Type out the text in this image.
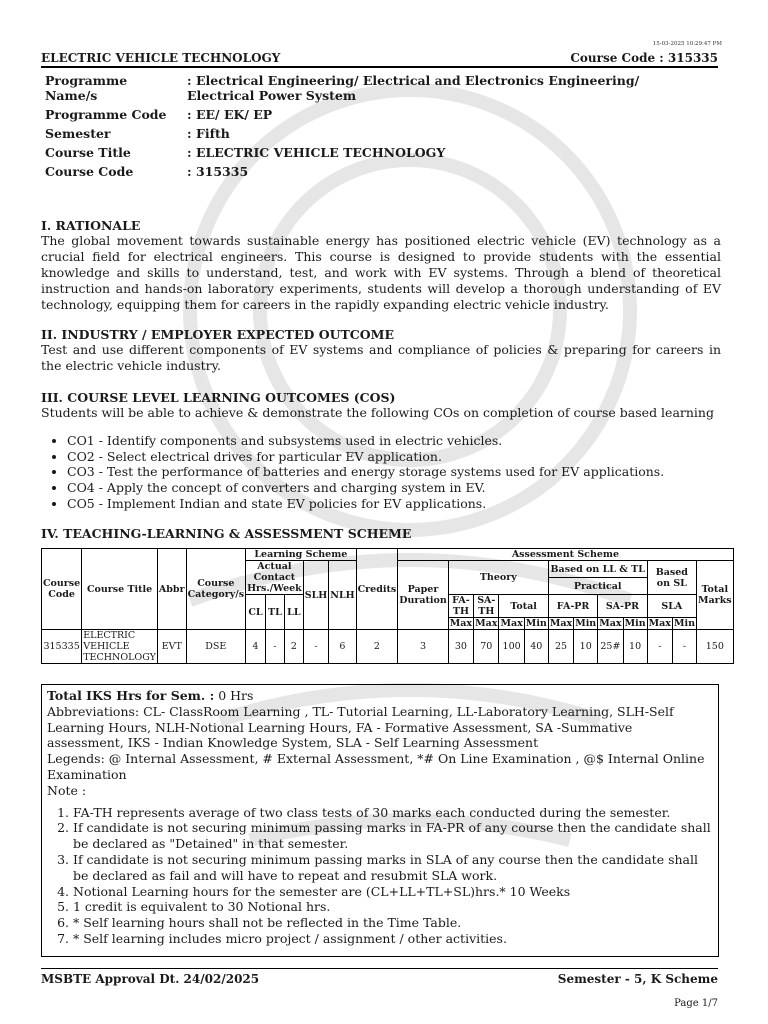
15-03-2025 10:29:47 PM
ELECTRIC VEHICLE TECHNOLOGY	Course Code : 315335
Programme Name/s	: Electrical Engineering/ Electrical and Electronics Engineering/ Electrical Power System
Programme Code	: EE/ EK/ EP
Semester	: Fifth
Course Title	: ELECTRIC VEHICLE TECHNOLOGY
Course Code	: 315335
I. RATIONALE

The global movement towards sustainable energy has positioned electric vehicle (EV) technology as a crucial field for electrical engineers. This course is designed to provide students with the essential knowledge and skills to understand, test, and work with EV systems. Through a blend of theoretical instruction and hands-on laboratory experiments, students will develop a thorough understanding of EV technology, equipping them for careers in the rapidly expanding electric vehicle industry.

II. INDUSTRY / EMPLOYER EXPECTED OUTCOME

Test and use different components of EV systems and compliance of policies & preparing for careers in the electric vehicle industry.

III. COURSE LEVEL LEARNING OUTCOMES (COS)

Students will be able to achieve & demonstrate the following COs on completion of course based learning

• CO1 - Identify components and subsystems used in electric vehicles.
• CO2 - Select electrical drives for particular EV application.
• CO3 - Test the performance of batteries and energy storage systems used for EV applications.
• CO4 - Apply the concept of converters and charging system in EV.
• CO5 - Implement Indian and state EV policies for EV applications.
IV. TEACHING-LEARNING & ASSESSMENT SCHEME
Course Code	Course Title	Abbr	Course Category/s	Learning Scheme					Credits	Assessment Scheme											
				Actual Contact Hrs./Week			SLH	NLH		Paper Duration	Theory				Based on LL & TL				Based on SL		Total Marks
															Practical						
				CL	TL	LL					FA-TH	SA-TH	Total		FA-PR		SA-PR		SLA		
											Max	Max	Max	Min	Max	Min	Max	Min	Max	Min	
315335	ELECTRIC VEHICLE TECHNOLOGY	EVT	DSE	4	-	2	-	6	2	3	30	70	100	40	25	10	25#	10	-	-	150
Total IKS Hrs for Sem. : 0 Hrs
Abbreviations: CL- ClassRoom Learning , TL- Tutorial Learning, LL-Laboratory Learning, SLH-Self Learning Hours, NLH-Notional Learning Hours, FA - Formative Assessment, SA -Summative assessment, IKS - Indian Knowledge System, SLA - Self Learning Assessment
Legends: @ Internal Assessment, # External Assessment, *# On Line Examination , @$ Internal Online Examination
Note :
1. FA-TH represents average of two class tests of 30 marks each conducted during the semester.
2. If candidate is not securing minimum passing marks in FA-PR of any course then the candidate shall be declared as "Detained" in that semester.
3. If candidate is not securing minimum passing marks in SLA of any course then the candidate shall be declared as fail and will have to repeat and resubmit SLA work.
4. Notional Learning hours for the semester are (CL+LL+TL+SL)hrs.* 10 Weeks
5. 1 credit is equivalent to 30 Notional hrs.
6. * Self learning hours shall not be reflected in the Time Table.
7. * Self learning includes micro project / assignment / other activities.
MSBTE Approval Dt. 24/02/2025	Semester - 5, K Scheme
Page 1/7
